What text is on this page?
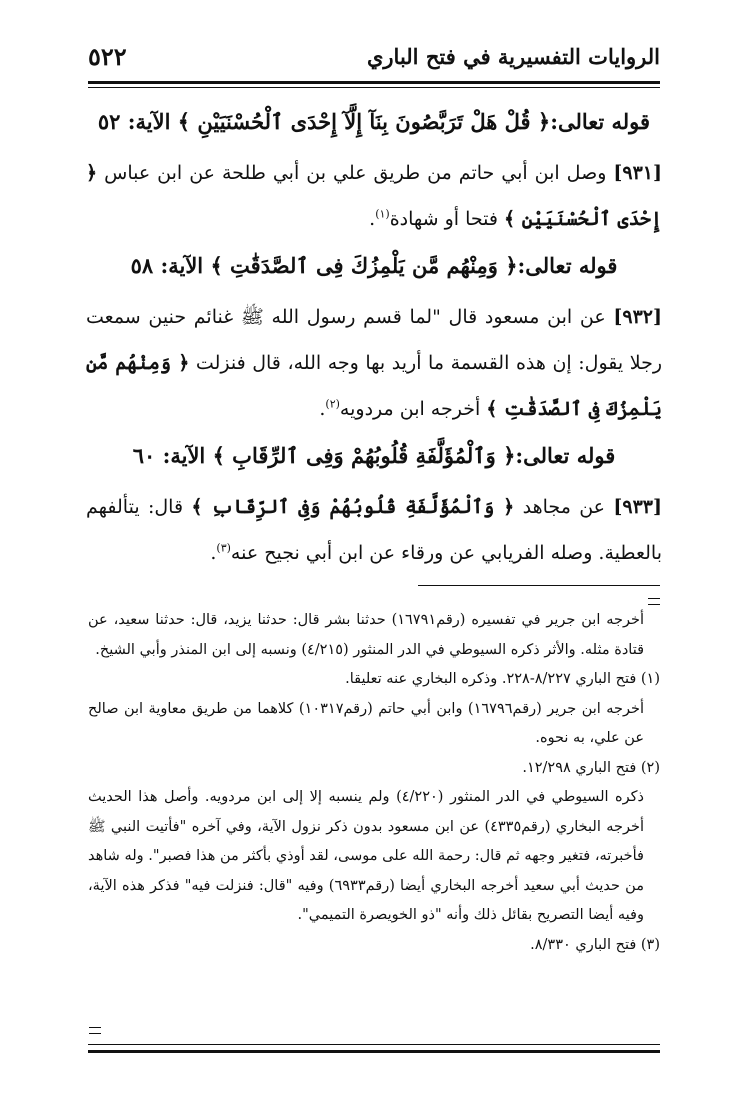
الروايات التفسيرية في فتح الباري
٥٢٢
قوله تعالى:﴿ قُلْ هَلْ تَرَبَّصُونَ بِنَآ إِلَّآ إِحْدَى ٱلْحُسْنَيَيْنِ ﴾ الآية: ٥٢
[٩٣١] وصل ابن أبي حاتم من طريق علي بن أبي طلحة عن ابن عباس ﴿ إِحْدَى ٱلْحُسْنَيَيْنِ ﴾ فتحا أو شهادة$^{(١)}$.
قوله تعالى:﴿ وَمِنْهُم مَّن يَلْمِزُكَ فِى ٱلصَّدَقَٰتِ ﴾ الآية: ٥٨
[٩٣٢] عن ابن مسعود قال "لما قسم رسول الله ﷺ غنائم حنين سمعت رجلا يقول: إن هذه القسمة ما أريد بها وجه الله، قال فنزلت ﴿ وَمِنْهُم مَّن يَلْمِزُكَ فِى ٱلصَّدَقَٰتِ ﴾ أخرجه ابن مردويه$^{(٢)}$.
قوله تعالى:﴿ وَٱلْمُؤَلَّفَةِ قُلُوبُهُمْ وَفِى ٱلرِّقَابِ ﴾ الآية: ٦٠
[٩٣٣] عن مجاهد ﴿ وَٱلْمُؤَلَّفَةِ قُلُوبُهُمْ وَفِى ٱلرِّقَابِ ﴾ قال: يتألفهم بالعطية. وصله الفريابي عن ورقاء عن ابن أبي نجيح عنه$^{(٣)}$.
أخرجه ابن جرير في تفسيره (رقم١٦٧٩١) حدثنا بشر قال: حدثنا يزيد، قال: حدثنا سعيد، عن قتادة مثله. والأثر ذكره السيوطي في الدر المنثور (٤/٢١٥) ونسبه إلى ابن المنذر وأبي الشيخ.
(١) فتح الباري ٨/٢٢٧-٢٢٨. وذكره البخاري عنه تعليقا.
أخرجه ابن جرير (رقم١٦٧٩٦) وابن أبي حاتم (رقم١٠٣١٧) كلاهما من طريق معاوية ابن صالح عن علي، به نحوه.
(٢) فتح الباري ١٢/٢٩٨.
ذكره السيوطي في الدر المنثور (٤/٢٢٠) ولم ينسبه إلا إلى ابن مردويه. وأصل هذا الحديث أخرجه البخاري (رقم٤٣٣٥) عن ابن مسعود بدون ذكر نزول الآية، وفي آخره "فأتيت النبي ﷺ فأخبرته، فتغير وجهه ثم قال: رحمة الله على موسى، لقد أوذي بأكثر من هذا فصبر". وله شاهد من حديث أبي سعيد أخرجه البخاري أيضا (رقم٦٩٣٣) وفيه "قال: فنزلت فيه" فذكر هذه الآية، وفيه أيضا التصريح بقائل ذلك وأنه "ذو الخويصرة التميمي".
(٣) فتح الباري ٨/٣٣٠.
